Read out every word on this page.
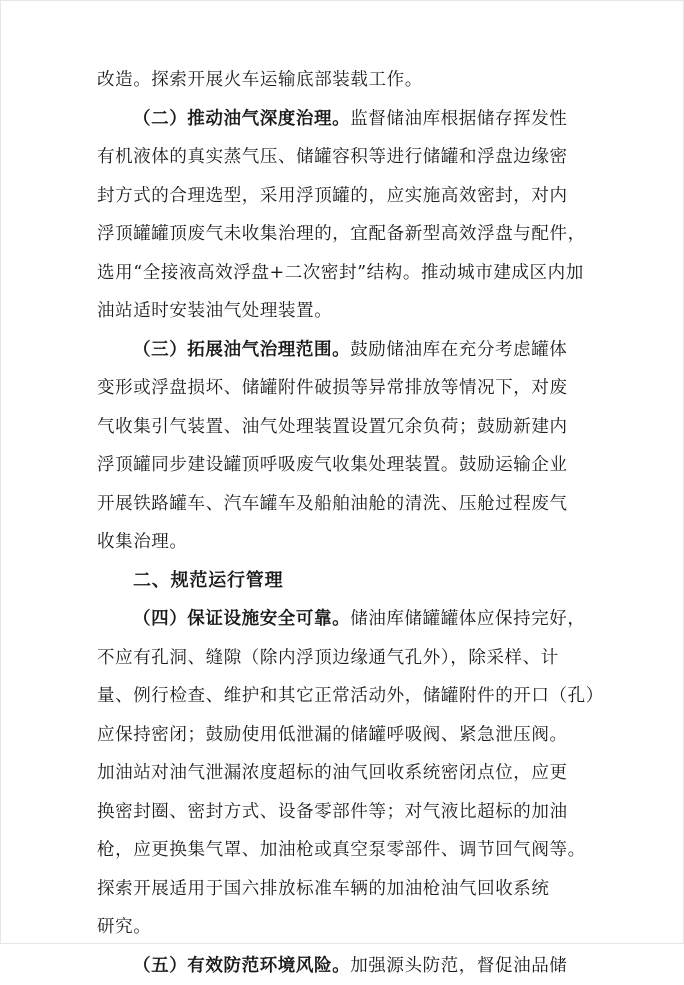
改造。探索开展火车运输底部装载工作。
（二）推动油气深度治理。监督储油库根据储存挥发性
有机液体的真实蒸气压、储罐容积等进行储罐和浮盘边缘密
封方式的合理选型，采用浮顶罐的，应实施高效密封，对内
浮顶罐罐顶废气未收集治理的，宜配备新型高效浮盘与配件，
选用“全接液高效浮盘+二次密封”结构。推动城市建成区内加
油站适时安装油气处理装置。
（三）拓展油气治理范围。鼓励储油库在充分考虑罐体
变形或浮盘损坏、储罐附件破损等异常排放等情况下，对废
气收集引气装置、油气处理装置设置冗余负荷；鼓励新建内
浮顶罐同步建设罐顶呼吸废气收集处理装置。鼓励运输企业
开展铁路罐车、汽车罐车及船舶油舱的清洗、压舱过程废气
收集治理。
二、规范运行管理
（四）保证设施安全可靠。储油库储罐罐体应保持完好，
不应有孔洞、缝隙（除内浮顶边缘通气孔外），除采样、计
量、例行检查、维护和其它正常活动外，储罐附件的开口（孔）
应保持密闭；鼓励使用低泄漏的储罐呼吸阀、紧急泄压阀。
加油站对油气泄漏浓度超标的油气回收系统密闭点位，应更
换密封圈、密封方式、设备零部件等；对气液比超标的加油
枪，应更换集气罩、加油枪或真空泵零部件、调节回气阀等。
探索开展适用于国六排放标准车辆的加油枪油气回收系统
研究。
（五）有效防范环境风险。加强源头防范，督促油品储
